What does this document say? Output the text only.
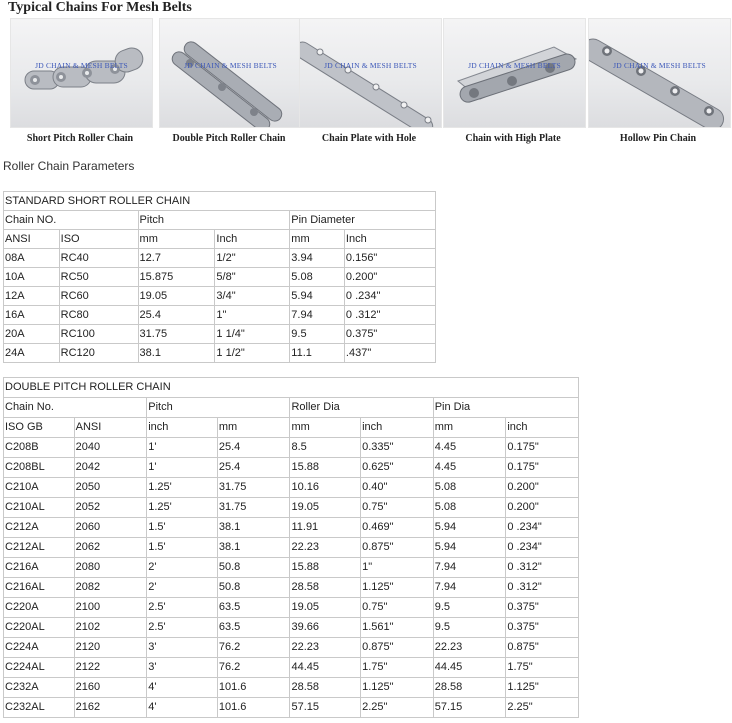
Typical Chains For Mesh Belts
JD CHAIN & MESH BELTS
Short Pitch Roller Chain
JD CHAIN & MESH BELTS
Double Pitch Roller Chain
JD CHAIN & MESH BELTS
Chain Plate with Hole
JD CHAIN & MESH BELTS
Chain with High Plate
JD CHAIN & MESH BELTS
Hollow Pin Chain
Roller Chain Parameters
STANDARD SHORT ROLLER CHAIN					
Chain NO.		Pitch		Pin Diameter	
ANSI	ISO	mm	Inch	mm	Inch
08A	RC40	12.7	1/2"	3.94	0.156"
10A	RC50	15.875	5/8"	5.08	0.200"
12A	RC60	19.05	3/4"	5.94	0 .234"
16A	RC80	25.4	1"	7.94	0 .312"
20A	RC100	31.75	1 1/4"	9.5	0.375"
24A	RC120	38.1	1 1/2"	11.1	.437"
DOUBLE PITCH ROLLER CHAIN							
Chain No.		Pitch		Roller Dia		Pin Dia	
ISO GB	ANSI	inch	mm	mm	inch	mm	inch
C208B	2040	1'	25.4	8.5	0.335"	4.45	0.175"
C208BL	2042	1'	25.4	15.88	0.625"	4.45	0.175"
C210A	2050	1.25'	31.75	10.16	0.40"	5.08	0.200"
C210AL	2052	1.25'	31.75	19.05	0.75"	5.08	0.200"
C212A	2060	1.5'	38.1	11.91	0.469"	5.94	0 .234"
C212AL	2062	1.5'	38.1	22.23	0.875"	5.94	0 .234"
C216A	2080	2'	50.8	15.88	1"	7.94	0 .312"
C216AL	2082	2'	50.8	28.58	1.125"	7.94	0 .312"
C220A	2100	2.5'	63.5	19.05	0.75"	9.5	0.375"
C220AL	2102	2.5'	63.5	39.66	1.561"	9.5	0.375"
C224A	2120	3'	76.2	22.23	0.875"	22.23	0.875"
C224AL	2122	3'	76.2	44.45	1.75"	44.45	1.75"
C232A	2160	4'	101.6	28.58	1.125"	28.58	1.125"
C232AL	2162	4'	101.6	57.15	2.25"	57.15	2.25"
